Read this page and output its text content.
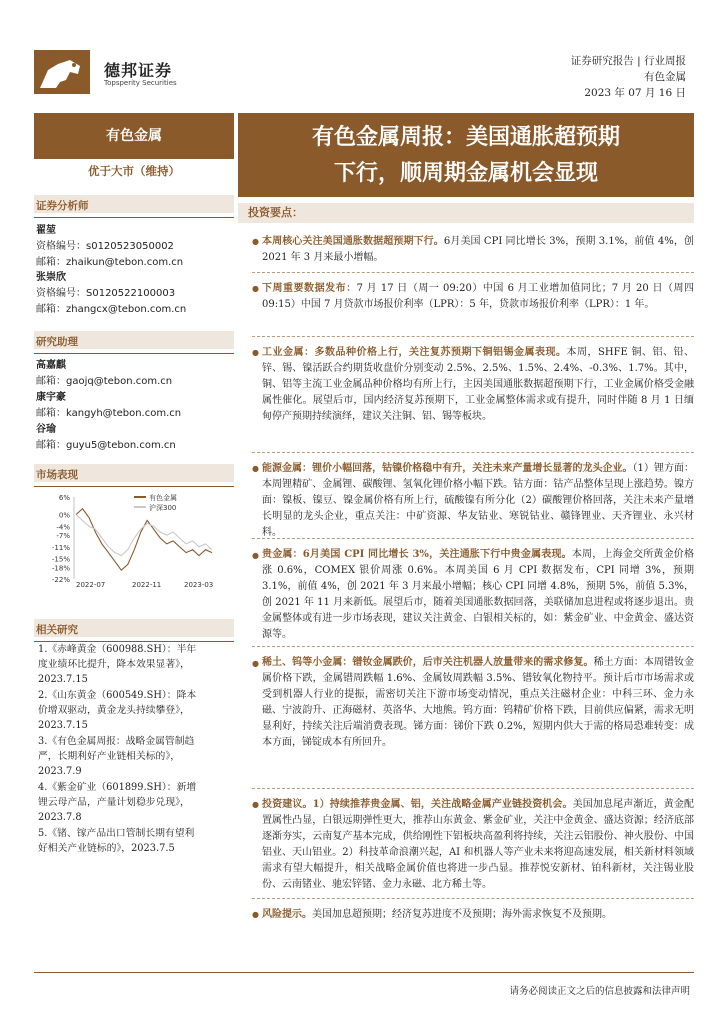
德邦证券
Topsperity Securities
证券研究报告 | 行业周报
有色金属
2023 年 07 月 16 日
有色金属
优于大市（维持）
证券分析师
翟堃
资格编号：s0120523050002
邮箱：zhaikun@tebon.com.cn
张崇欣
资格编号：S0120522100003
邮箱：zhangcx@tebon.com.cn
研究助理
高嘉麒
邮箱：gaojq@tebon.com.cn
康宇豪
邮箱：kangyh@tebon.com.cn
谷瑜
邮箱：guyu5@tebon.com.cn
市场表现
6%
0%
-4%
-7%
-11%
-15%
-18%
-22%
2022-07	2022-11	2023-03
有色金属
沪深300
相关研究
1.《赤峰黄金（600988.SH）：半年
度业绩环比提升，降本效果显著》，
2023.7.15
2.《山东黄金（600549.SH）：降本
价增双驱动，黄金龙头持续攀登》，
2023.7.15
3.《有色金属周报：战略金属管制趋
严，长期利好产业链相关标的》，
2023.7.9
4.《紫金矿业（601899.SH）：新增
锂云母产品，产量计划稳步兑现》，
2023.7.8
5.《锗、镓产品出口管制长期有望利
好相关产业链标的》，2023.7.5
有色金属周报：美国通胀超预期
下行，顺周期金属机会显现
投资要点：
● 本周核心关注美国通胀数据超预期下行。6月美国 CPI 同比增长 3%，预期 3.1%，前值 4%，创 2021 年 3 月来最小增幅。
● 下周重要数据发布：7 月 17 日（周一 09:20）中国 6 月工业增加值同比；7 月 20 日（周四 09:15）中国 7 月贷款市场报价利率（LPR）：5 年，贷款市场报价利率（LPR）：1 年。
● 工业金属：多数品种价格上行，关注复苏预期下铜铝锡金属表现。本周，SHFE 铜、铝、铅、锌、锡、镍活跃合约期货收盘价分别变动 2.5%、2.5%、1.5%、2.4%、-0.3%、1.7%。其中，铜、铝等主流工业金属品种价格均有所上行，主因美国通胀数据超预期下行，工业金属价格受金融属性催化。展望后市，国内经济复苏预期下，工业金属整体需求或有提升，同时伴随 8 月 1 日缅甸停产预期持续演绎，建议关注铜、铝、锡等板块。
● 能源金属：锂价小幅回落，钴镍价格稳中有升，关注未来产量增长显著的龙头企业。（1）锂方面：本周锂精矿、金属锂、碳酸锂、氢氧化锂价格小幅下跌。钴方面：钴产品整体呈现上涨趋势。镍方面：镍板、镍豆、镍金属价格有所上行，硫酸镍有所分化（2）碳酸锂价格回落，关注未来产量增长明显的龙头企业，重点关注：中矿资源、华友钴业、寒锐钴业、赣锋锂业、天齐锂业、永兴材料。
● 贵金属：6月美国 CPI 同比增长 3%，关注通胀下行中贵金属表现。本周，上海金交所黄金价格涨 0.6%，COMEX 银价周涨 0.6%。本周美国 6 月 CPI 数据发布，CPI 同增 3%，预期 3.1%，前值 4%，创 2021 年 3 月来最小增幅；核心 CPI 同增 4.8%，预期 5%，前值 5.3%，创 2021 年 11 月来新低。展望后市，随着美国通胀数据回落，美联储加息进程或将逐步退出。贵金属整体或有进一步市场表现，建议关注黄金、白银相关标的，如：紫金矿业、中金黄金、盛达资源等。
● 稀土、钨等小金属：镨钕金属跌价，后市关注机器人放量带来的需求修复。稀土方面：本周镨钕金属价格下跌，金属镨周跌幅 1.6%、金属钕周跌幅 3.5%、镨钕氧化物持平。预计后市市场需求或受到机器人行业的提振，需密切关注下游市场变动情况，重点关注磁材企业：中科三环、金力永磁、宁波韵升、正海磁材、英洛华、大地熊。钨方面：钨精矿价格下跌，目前供应偏紧，需求无明显利好，持续关注后端消费表现。锑方面：锑价下跌 0.2%，短期内供大于需的格局恐难转变：成本方面，锑锭成本有所回升。
● 投资建议。1）持续推荐贵金属、铝，关注战略金属产业链投资机会。美国加息尾声渐近，黄金配置属性凸显，白银远期弹性更大，推荐山东黄金、紫金矿业，关注中金黄金、盛达资源；经济底部逐渐夯实，云南复产基本完成，供给刚性下铝板块高盈利将持续，关注云铝股份、神火股份、中国铝业、天山铝业。2）科技革命浪潮兴起，AI 和机器人等产业未来将迎高速发展，相关新材料领域需求有望大幅提升，相关战略金属价值也将进一步凸显。推荐悦安新材、铂科新材，关注锡业股份、云南锗业、驰宏锌锗、金力永磁、北方稀土等。
● 风险提示。美国加息超预期；经济复苏进度不及预期；海外需求恢复不及预期。
请务必阅读正文之后的信息披露和法律声明
